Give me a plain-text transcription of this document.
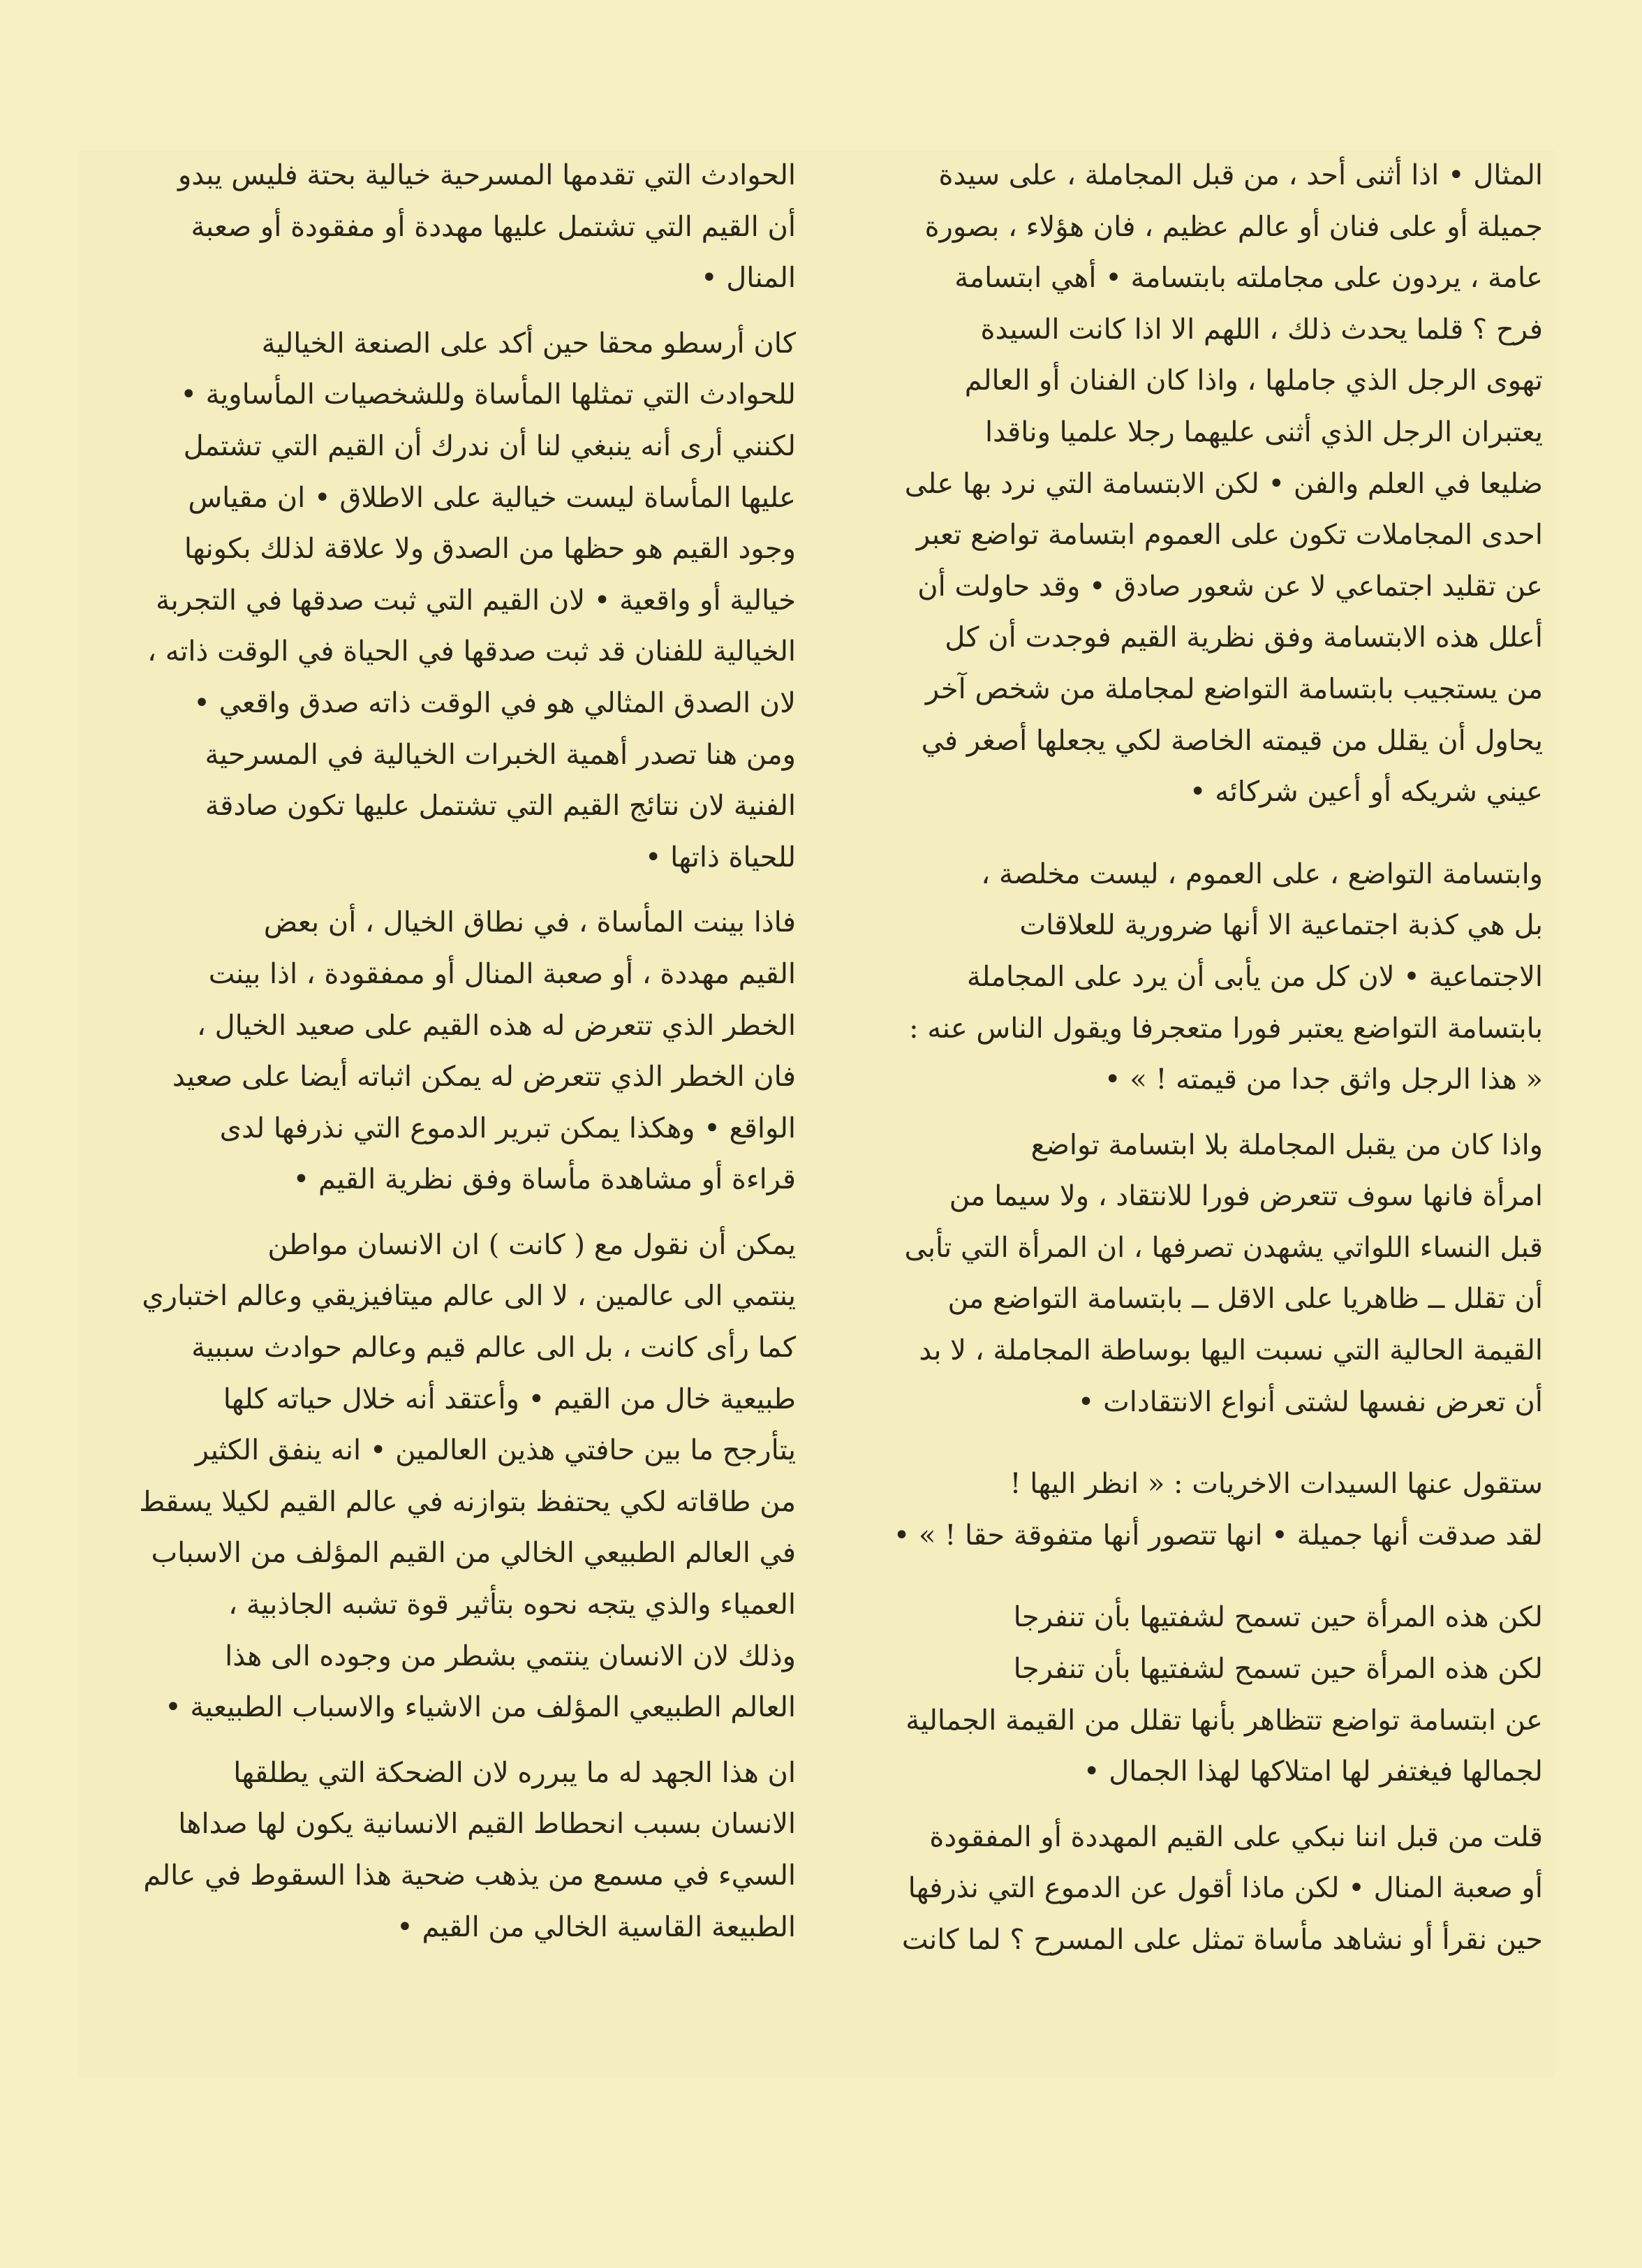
المثال • اذا أثنى أحد ، من قبل المجاملة ، على سيدة
جميلة أو على فنان أو عالم عظيم ، فان هؤلاء ، بصورة
عامة ، يردون على مجاملته بابتسامة • أهي ابتسامة
فرح ؟ قلما يحدث ذلك ، اللهم الا اذا كانت السيدة
تهوى الرجل الذي جاملها ، واذا كان الفنان أو العالم
يعتبران الرجل الذي أثنى عليهما رجلا علميا وناقدا
ضليعا في العلم والفن • لكن الابتسامة التي نرد بها على
احدى المجاملات تكون على العموم ابتسامة تواضع تعبر
عن تقليد اجتماعي لا عن شعور صادق • وقد حاولت أن
أعلل هذه الابتسامة وفق نظرية القيم فوجدت أن كل
من يستجيب بابتسامة التواضع لمجاملة من شخص آخر
يحاول أن يقلل من قيمته الخاصة لكي يجعلها أصغر في
عيني شريكه أو أعين شركائه •

وابتسامة التواضع ، على العموم ، ليست مخلصة ،
بل هي كذبة اجتماعية الا أنها ضرورية للعلاقات
الاجتماعية • لان كل من يأبى أن يرد على المجاملة
بابتسامة التواضع يعتبر فورا متعجرفا ويقول الناس عنه :
« هذا الرجل واثق جدا من قيمته ! » •

واذا كان من يقبل المجاملة بلا ابتسامة تواضع
امرأة فانها سوف تتعرض فورا للانتقاد ، ولا سيما من
قبل النساء اللواتي يشهدن تصرفها ، ان المرأة التي تأبى
أن تقلل ــ ظاهريا على الاقل ــ بابتسامة التواضع من
القيمة الحالية التي نسبت اليها بوساطة المجاملة ، لا بد
أن تعرض نفسها لشتى أنواع الانتقادات •

ستقول عنها السيدات الاخريات : « انظر اليها !
لقد صدقت أنها جميلة • انها تتصور أنها متفوقة حقا ! » •

لكن هذه المرأة حين تسمح لشفتيها بأن تنفرجا
لكن هذه المرأة حين تسمح لشفتيها بأن تنفرجا
عن ابتسامة تواضع تتظاهر بأنها تقلل من القيمة الجمالية
لجمالها فيغتفر لها امتلاكها لهذا الجمال •

قلت من قبل اننا نبكي على القيم المهددة أو المفقودة
أو صعبة المنال • لكن ماذا أقول عن الدموع التي نذرفها
حين نقرأ أو نشاهد مأساة تمثل على المسرح ؟ لما كانت

الحوادث التي تقدمها المسرحية خيالية بحتة فليس يبدو
أن القيم التي تشتمل عليها مهددة أو مفقودة أو صعبة
المنال •

كان أرسطو محقا حين أكد على الصنعة الخيالية
للحوادث التي تمثلها المأساة وللشخصيات المأساوية •
لكنني أرى أنه ينبغي لنا أن ندرك أن القيم التي تشتمل
عليها المأساة ليست خيالية على الاطلاق • ان مقياس
وجود القيم هو حظها من الصدق ولا علاقة لذلك بكونها
خيالية أو واقعية • لان القيم التي ثبت صدقها في التجربة
الخيالية للفنان قد ثبت صدقها في الحياة في الوقت ذاته ،
لان الصدق المثالي هو في الوقت ذاته صدق واقعي •
ومن هنا تصدر أهمية الخبرات الخيالية في المسرحية
الفنية لان نتائج القيم التي تشتمل عليها تكون صادقة
للحياة ذاتها •

فاذا بينت المأساة ، في نطاق الخيال ، أن بعض
القيم مهددة ، أو صعبة المنال أو ممفقودة ، اذا بينت
الخطر الذي تتعرض له هذه القيم على صعيد الخيال ،
فان الخطر الذي تتعرض له يمكن اثباته أيضا على صعيد
الواقع • وهكذا يمكن تبرير الدموع التي نذرفها لدى
قراءة أو مشاهدة مأساة وفق نظرية القيم •

يمكن أن نقول مع ( كانت ) ان الانسان مواطن
ينتمي الى عالمين ، لا الى عالم ميتافيزيقي وعالم اختباري
كما رأى كانت ، بل الى عالم قيم وعالم حوادث سببية
طبيعية خال من القيم • وأعتقد أنه خلال حياته كلها
يتأرجح ما بين حافتي هذين العالمين • انه ينفق الكثير
من طاقاته لكي يحتفظ بتوازنه في عالم القيم لكيلا يسقط
في العالم الطبيعي الخالي من القيم المؤلف من الاسباب
العمياء والذي يتجه نحوه بتأثير قوة تشبه الجاذبية ،
وذلك لان الانسان ينتمي بشطر من وجوده الى هذا
العالم الطبيعي المؤلف من الاشياء والاسباب الطبيعية •

ان هذا الجهد له ما يبرره لان الضحكة التي يطلقها
الانسان بسبب انحطاط القيم الانسانية يكون لها صداها
السيء في مسمع من يذهب ضحية هذا السقوط في عالم
الطبيعة القاسية الخالي من القيم •
